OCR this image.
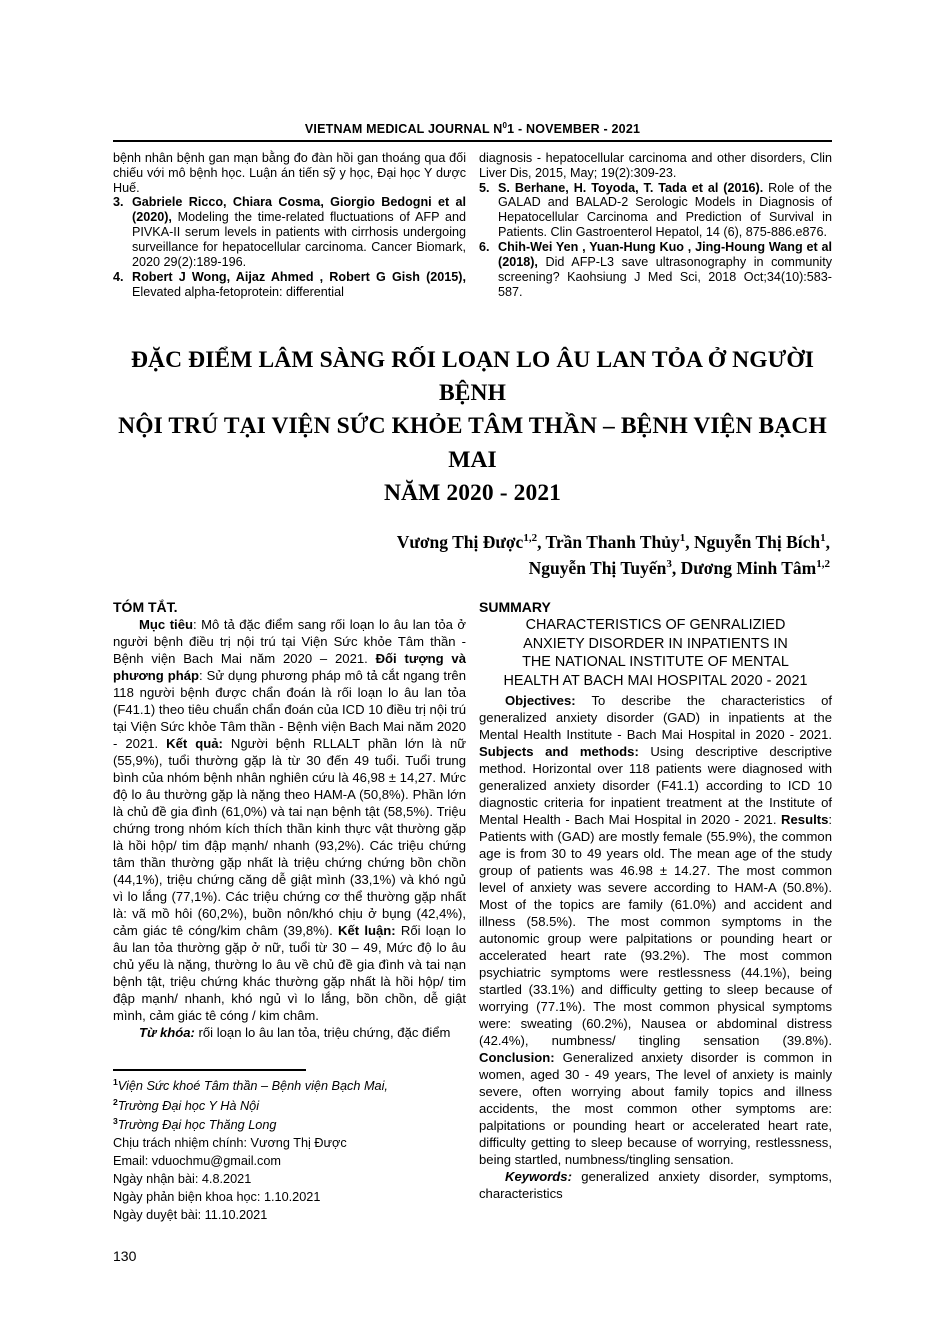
VIETNAM MEDICAL JOURNAL $N^01$ - NOVEMBER - 2021
bệnh nhân bệnh gan mạn bằng đo đàn hồi gan thoáng qua đối chiếu với mô bệnh học. Luận án tiến sỹ y học, Đại học Y dược Huế.
3. Gabriele Ricco, Chiara Cosma, Giorgio Bedogni et al (2020), Modeling the time-related fluctuations of AFP and PIVKA-II serum levels in patients with cirrhosis undergoing surveillance for hepatocellular carcinoma. Cancer Biomark, 2020 29(2):189-196.
4. Robert J Wong, Aijaz Ahmed , Robert G Gish (2015), Elevated alpha-fetoprotein: differential
diagnosis - hepatocellular carcinoma and other disorders, Clin Liver Dis, 2015, May; 19(2):309-23.
5. S. Berhane, H. Toyoda, T. Tada et al (2016). Role of the GALAD and BALAD-2 Serologic Models in Diagnosis of Hepatocellular Carcinoma and Prediction of Survival in Patients. Clin Gastroenterol Hepatol, 14 (6), 875-886.e876.
6. Chih-Wei Yen , Yuan-Hung Kuo , Jing-Houng Wang et al (2018), Did AFP-L3 save ultrasonography in community screening? Kaohsiung J Med Sci, 2018 Oct;34(10):583-587.
ĐẶC ĐIỂM LÂM SÀNG RỐI LOẠN LO ÂU LAN TỎA Ở NGƯỜI BỆNH
NỘI TRÚ TẠI VIỆN SỨC KHỎE TÂM THẦN – BỆNH VIỆN BẠCH MAI
NĂM 2020 - 2021
Vương Thị Được$^{1,2}$, Trần Thanh Thủy$^1$, Nguyễn Thị Bích$^1$,
Nguyễn Thị Tuyến$^3$, Dương Minh Tâm$^{1,2}$
TÓM TẮT.

Mục tiêu: Mô tả đặc điểm sang rối loạn lo âu lan tỏa ở người bệnh điều trị nội trú tại Viện Sức khỏe Tâm thần - Bệnh viện Bach Mai năm 2020 – 2021. Đối tượng và phương pháp: Sử dụng phương pháp mô tả cắt ngang trên 118 người bệnh được chẩn đoán là rối loạn lo âu lan tỏa (F41.1) theo tiêu chuẩn chẩn đoán của ICD 10 điều trị nội trú tại Viện Sức khỏe Tâm thần - Bệnh viện Bach Mai năm 2020 - 2021. Kết quả: Người bệnh RLLALT phần lớn là nữ (55,9%), tuổi thường gặp là từ 30 đến 49 tuổi. Tuổi trung bình của nhóm bệnh nhân nghiên cứu là 46,98 ± 14,27. Mức độ lo âu thường gặp là nặng theo HAM-A (50,8%). Phần lớn là chủ đề gia đình (61,0%) và tai nạn bệnh tật (58,5%). Triệu chứng trong nhóm kích thích thần kinh thực vật thường gặp là hồi hộp/ tim đập mạnh/ nhanh (93,2%). Các triệu chứng tâm thần thường gặp nhất là triệu chứng chứng bồn chồn (44,1%), triệu chứng căng dễ giật mình (33,1%) và khó ngủ vì lo lắng (77,1%). Các triệu chứng cơ thể thường gặp nhất là: vã mồ hôi (60,2%), buồn nôn/khó chịu ở bụng (42,4%), cảm giác tê cóng/kim châm (39,8%). Kết luận: Rối loạn lo âu lan tỏa thường gặp ở nữ, tuổi từ 30 – 49, Mức độ lo âu chủ yếu là nặng, thường lo âu về chủ đề gia đình và tai nạn bệnh tật, triệu chứng khác thường gặp nhất là hồi hộp/ tim đập mạnh/ nhanh, khó ngủ vì lo lắng, bồn chồn, dễ giật mình, cảm giác tê cóng / kim châm.

Từ khóa: rối loạn lo âu lan tỏa, triệu chứng, đặc điểm

$^1$Viện Sức khoé Tâm thần – Bệnh viện Bạch Mai,
$^2$Trường Đại học Y Hà Nội
$^3$Trường Đại học Thăng Long
Chịu trách nhiệm chính: Vương Thị Được
Email: vduochmu@gmail.com
Ngày nhận bài: 4.8.2021
Ngày phản biện khoa học: 1.10.2021
Ngày duyệt bài: 11.10.2021
130
SUMMARY
CHARACTERISTICS OF GENRALIZIED
ANXIETY DISORDER IN INPATIENTS IN
THE NATIONAL INSTITUTE OF MENTAL
HEALTH AT BACH MAI HOSPITAL 2020 - 2021

Objectives: To describe the characteristics of generalized anxiety disorder (GAD) in inpatients at the Mental Health Institute - Bach Mai Hospital in 2020 - 2021. Subjects and methods: Using descriptive descriptive method. Horizontal over 118 patients were diagnosed with generalized anxiety disorder (F41.1) according to ICD 10 diagnostic criteria for inpatient treatment at the Institute of Mental Health - Bach Mai Hospital in 2020 - 2021. Results: Patients with (GAD) are mostly female (55.9%), the common age is from 30 to 49 years old. The mean age of the study group of patients was 46.98 ± 14.27. The most common level of anxiety was severe according to HAM-A (50.8%). Most of the topics are family (61.0%) and accident and illness (58.5%). The most common symptoms in the autonomic group were palpitations or pounding heart or accelerated heart rate (93.2%). The most common psychiatric symptoms were restlessness (44.1%), being startled (33.1%) and difficulty getting to sleep because of worrying (77.1%). The most common physical symptoms were: sweating (60.2%), Nausea or abdominal distress (42.4%), numbness/ tingling sensation (39.8%). Conclusion: Generalized anxiety disorder is common in women, aged 30 - 49 years, The level of anxiety is mainly severe, often worrying about family topics and illness accidents, the most common other symptoms are: palpitations or pounding heart or accelerated heart rate, difficulty getting to sleep because of worrying, restlessness, being startled, numbness/tingling sensation.

Keywords: generalized anxiety disorder, symptoms, characteristics
